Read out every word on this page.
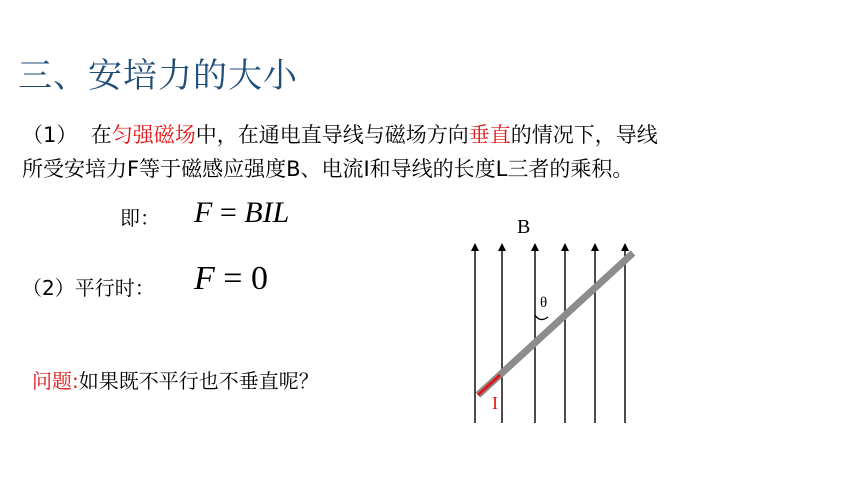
三、安培力的大小
（1） 在匀强磁场中，在通电直导线与磁场方向垂直的情况下，导线
所受安培力F等于磁感应强度B、电流I和导线的长度L三者的乘积。
即： F = BIL
（2）平行时： F = 0
问题:如果既不平行也不垂直呢？
B
θ
I
